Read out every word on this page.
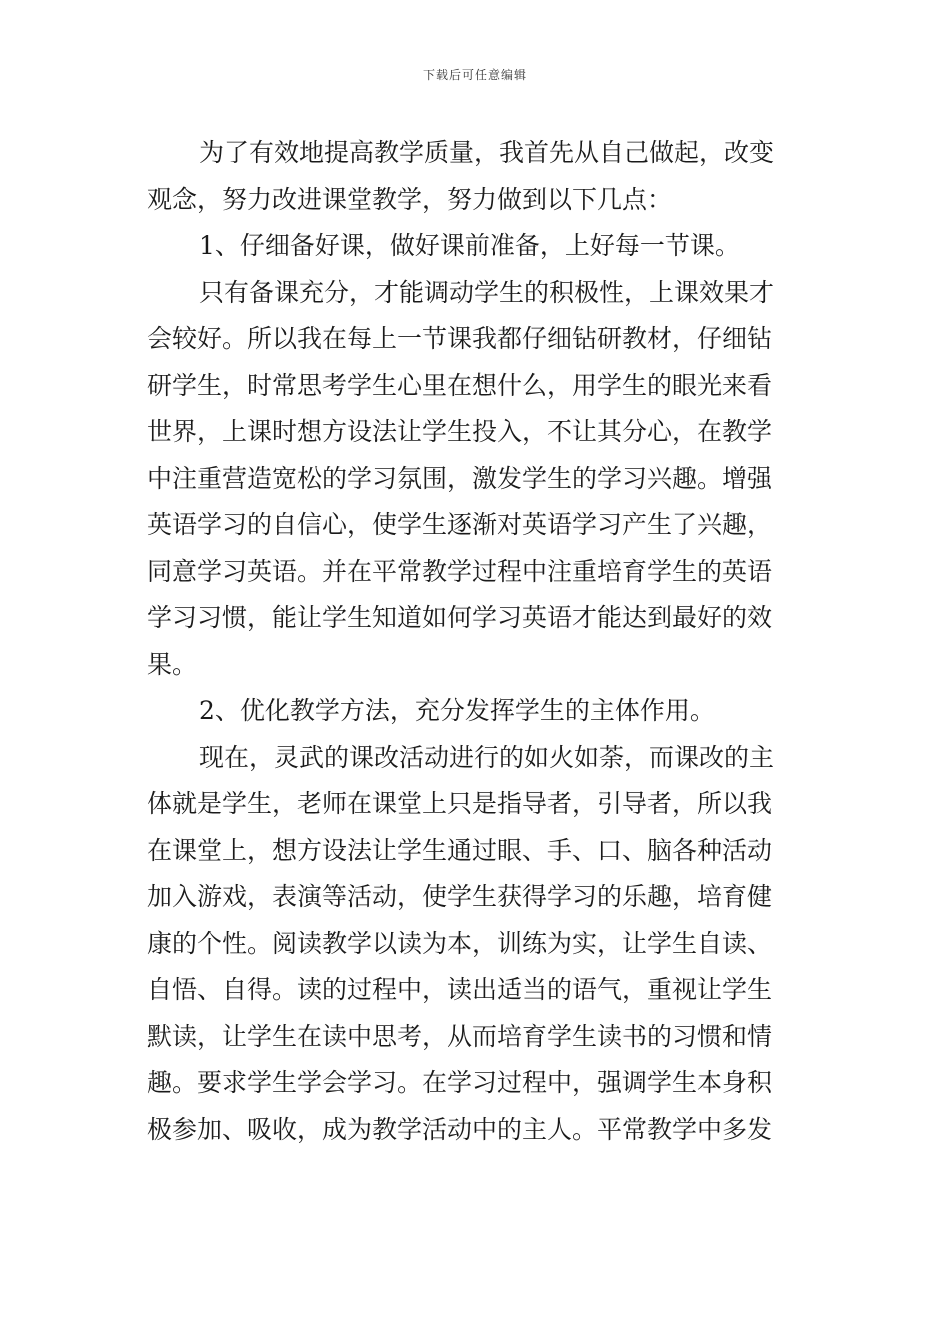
下载后可任意编辑
为了有效地提高教学质量，我首先从自己做起，改变
观念，努力改进课堂教学，努力做到以下几点：
1、仔细备好课，做好课前准备，上好每一节课。
只有备课充分，才能调动学生的积极性，上课效果才
会较好。所以我在每上一节课我都仔细钻研教材，仔细钻
研学生，时常思考学生心里在想什么，用学生的眼光来看
世界，上课时想方设法让学生投入，不让其分心，在教学
中注重营造宽松的学习氛围，激发学生的学习兴趣。增强
英语学习的自信心，使学生逐渐对英语学习产生了兴趣，
同意学习英语。并在平常教学过程中注重培育学生的英语
学习习惯，能让学生知道如何学习英语才能达到最好的效
果。
2、优化教学方法，充分发挥学生的主体作用。
现在，灵武的课改活动进行的如火如荼，而课改的主
体就是学生，老师在课堂上只是指导者，引导者，所以我
在课堂上，想方设法让学生通过眼、手、口、脑各种活动
加入游戏，表演等活动，使学生获得学习的乐趣，培育健
康的个性。阅读教学以读为本，训练为实，让学生自读、
自悟、自得。读的过程中，读出适当的语气，重视让学生
默读，让学生在读中思考，从而培育学生读书的习惯和情
趣。要求学生学会学习。在学习过程中，强调学生本身积
极参加、吸收，成为教学活动中的主人。平常教学中多发
